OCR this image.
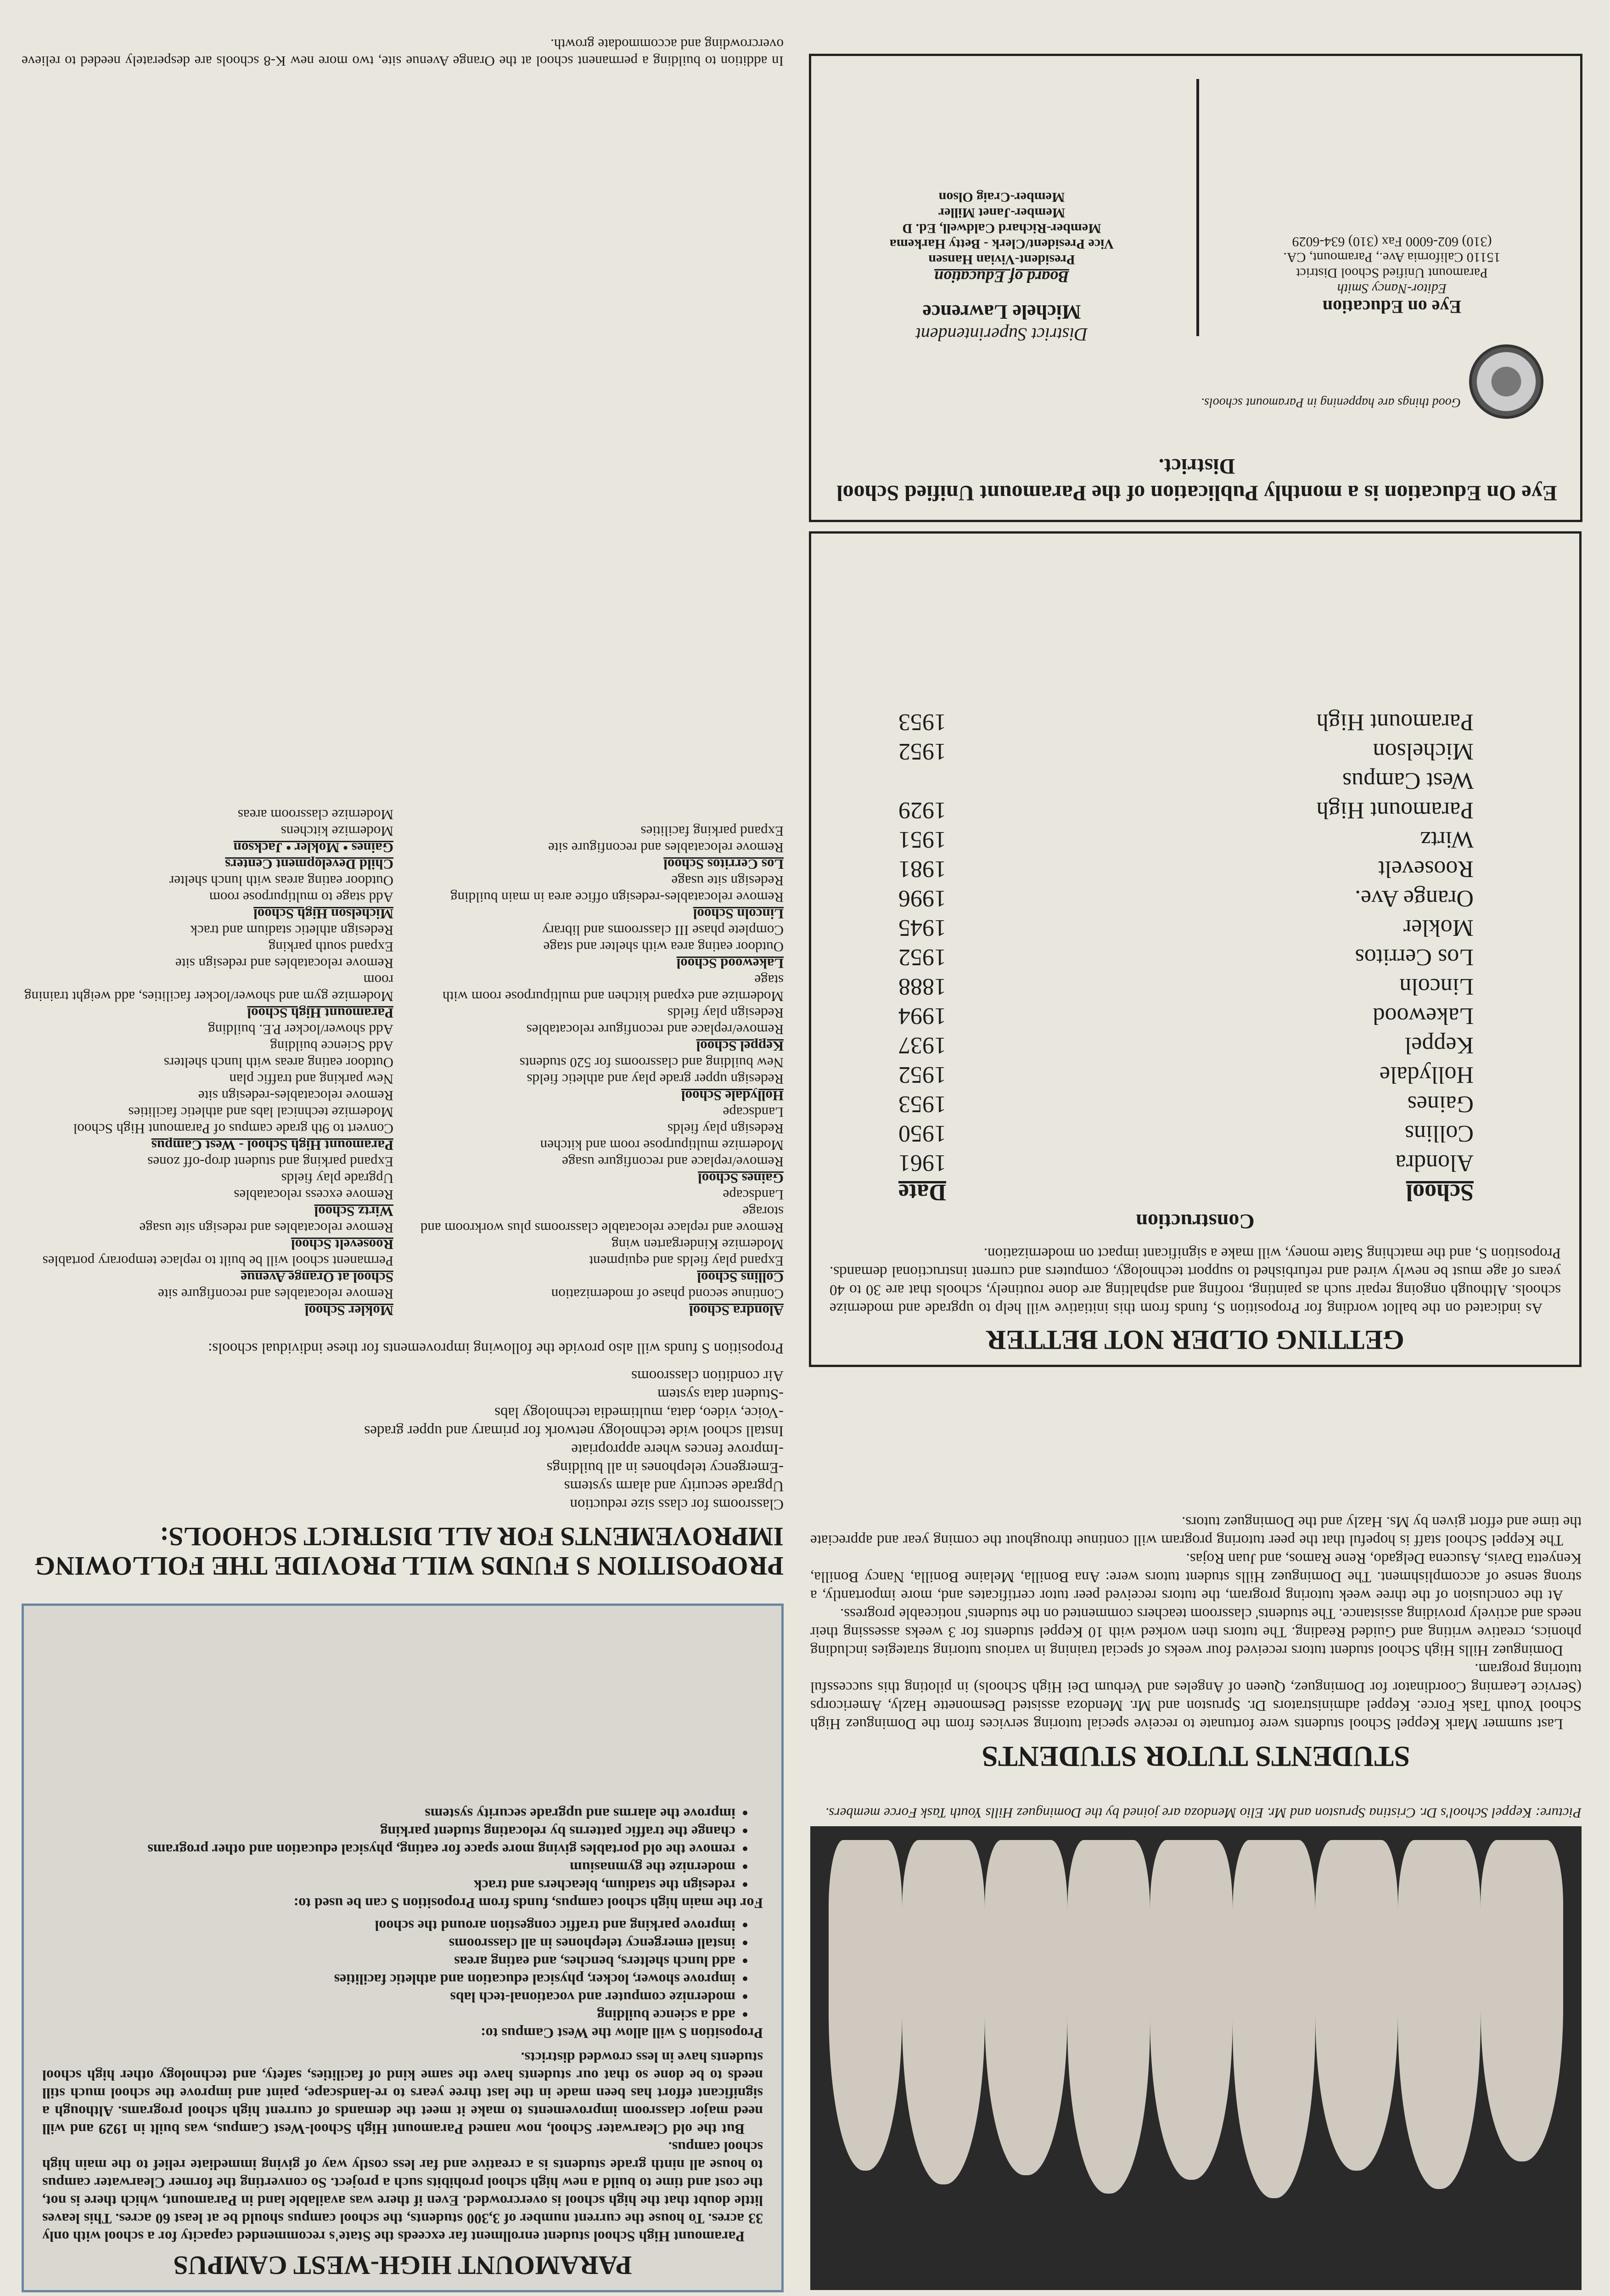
Picture: Keppel School's Dr. Cristina Spruston and Mr. Elio Mendoza are joined by the Dominguez Hills Youth Task Force members.
STUDENTS TUTOR STUDENTS

Last summer Mark Keppel School students were fortunate to receive special tutoring services from the Dominguez High School Youth Task Force. Keppel administrators Dr. Spruston and Mr. Mendoza assisted Desmonette Hazly, Americorps (Service Learning Coordinator for Dominguez, Queen of Angeles and Verbum Dei High Schools) in piloting this successful tutoring program.

Dominguez Hills High School student tutors received four weeks of special training in various tutoring strategies including phonics, creative writing and Guided Reading. The tutors then worked with 10 Keppel students for 3 weeks assessing their needs and actively providing assistance. The students' classroom teachers commented on the students' noticeable progress.

At the conclusion of the three week tutoring program, the tutors received peer tutor certificates and, more importantly, a strong sense of accomplishment. The Dominguez Hills student tutors were: Ana Bonilla, Melaine Bonilla, Nancy Bonilla, Kenyetta Davis, Asucena Delgado, Rene Ramos, and Juan Rojas.

The Keppel School staff is hopeful that the peer tutoring program will continue throughout the coming year and appreciate the time and effort given by Ms. Hazly and the Dominguez tutors.

GETTING OLDER NOT BETTER

As indicated on the ballot wording for Proposition S, funds from this initiative will help to upgrade and modernize schools. Although ongoing repair such as painting, roofing and asphalting are done routinely, schools that are 30 to 40 years of age must be newly wired and refurbished to support technology, computers and current instructional demands. Proposition S, and the matching State money, will make a significant impact on modernization.

Construction
School	Date
Alondra	1961
Collins	1950
Gaines	1953
Hollydale	1952
Keppel	1937
Lakewood	1994
Lincoln	1888
Los Cerritos	1952
Mokler	1945
Orange Ave.	1996
Roosevelt	1981
Wirtz	1951
Paramount High	1929
West Campus	
Michelson	1952
Paramount High	1953
Eye On Education is a monthly Publication of the Paramount Unified School District.
Good things are happening in Paramount schools.
Eye on Education
Editor-Nancy Smith
Paramount Unified School District
15110 California Ave., Paramount, CA.
(310) 602-6000 Fax (310) 634-6029
District Superintendent
Michele Lawrence
Board of Education
President-Vivian Hansen
Vice President/Clerk - Betty Harkema
Member-Richard Caldwell, Ed. D
Member-Janet Miller
Member-Craig Olson
PARAMOUNT HIGH-WEST CAMPUS

Paramount High School student enrollment far exceeds the State's recommended capacity for a school with only 33 acres. To house the current number of 3,300 students, the school campus should be at least 60 acres. This leaves little doubt that the high school is overcrowded. Even if there was available land in Paramount, which there is not, the cost and time to build a new high school prohibits such a project. So converting the former Clearwater campus to house all ninth grade students is a creative and far less costly way of giving immediate relief to the main high school campus.

But the old Clearwater School, now named Paramount High School-West Campus, was built in 1929 and will need major classroom improvements to make it meet the demands of current high school programs. Although a significant effort has been made in the last three years to re-landscape, paint and improve the school much still needs to be done so that our students have the same kind of facilities, safety, and technology other high school students have in less crowded districts.

Proposition S will allow the West Campus to:

• add a science building
• modernize computer and vocational-tech labs
• improve shower, locker, physical education and athletic facilities
• add lunch shelters, benches, and eating areas
• install emergency telephones in all classrooms
• improve parking and traffic congestion around the school

For the main high school campus, funds from Proposition S can be used to:

• redesign the stadium, bleachers and track
• modernize the gymnasium
• remove the old portables giving more space for eating, physical education and other programs
• change the traffic patterns by relocating student parking
• improve the alarms and upgrade security systems
PROPOSITION S FUNDS WILL PROVIDE THE FOLLOWING IMPROVEMENTS FOR ALL DISTRICT SCHOOLS:

Classrooms for class size reduction

Upgrade security and alarm systems

-Emergency telephones in all buildings

-Improve fences where appropriate

Install school wide technology network for primary and upper grades

-Voice, video, data, multimedia technology labs

-Student data system

Air condition classrooms

Proposition S funds will also provide the following improvements for these individual schools:

Alondra School
Continue second phase of modernization
Collins School
Expand play fields and equipment
Modernize Kindergarten wing
Remove and replace relocatable classrooms plus workroom and storage
Landscape
Gaines School
Remove/replace and reconfigure usage
Modernize multipurpose room and kitchen
Redesign play fields
Landscape
Hollydale School
Redesign upper grade play and athletic fields
New building and classrooms for 520 students
Keppel School
Remove/replace and reconfigure relocatables
Redesign play fields
Modernize and expand kitchen and multipurpose room with stage
Lakewood School
Outdoor eating area with shelter and stage
Complete phase III classrooms and library
Lincoln School
Remove relocatables-redesign office area in main building
Redesign site usage
Los Cerritos School
Remove relocatables and reconfigure site
Expand parking facilities
Mokler School
Remove relocatables and reconfigure site
School at Orange Avenue
Permanent school will be built to replace temporary portables
Roosevelt School
Remove relocatables and redesign site usage
Wirtz School
Remove excess relocatables
Upgrade play fields
Expand parking and student drop-off zones
Paramount High School - West Campus
Convert to 9th grade campus of Paramount High School
Modernize technical labs and athletic facilities
Remove relocatables-redesign site
New parking and traffic plan
Outdoor eating areas with lunch shelters
Add Science building
Add shower/locker P.E. building
Paramount High School
Modernize gym and shower/locker facilities, add weight training room
Remove relocatables and redesign site
Expand south parking
Redesign athletic stadium and track
Michelson High School
Add stage to multipurpose room
Outdoor eating areas with lunch shelter
Child Development Centers
Gaines • Mokler • Jackson
Modernize kitchens
Modernize classroom areas

In addition to building a permanent school at the Orange Avenue site, two more new K-8 schools are desperately needed to relieve overcrowding and accommodate growth.
